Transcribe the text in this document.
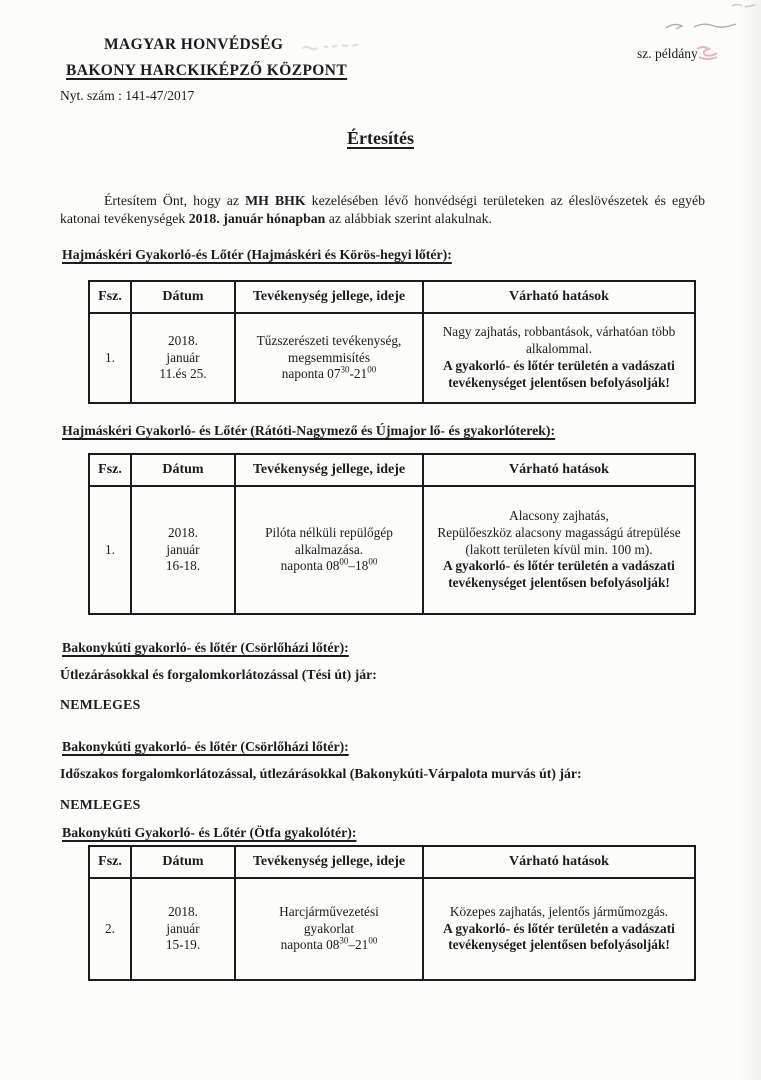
MAGYAR HONVÉDSÉG
BAKONY HARCKIKÉPZŐ KÖZPONT
Nyt. szám : 141-47/2017
sz. példány
Értesítés

Értesítem Önt, hogy az MH BHK kezelésében lévő honvédségi területeken az éleslövészetek és egyéb katonai tevékenységek 2018. január hónapban az alábbiak szerint alakulnak.

Hajmáskéri Gyakorló-és Lőtér (Hajmáskéri és Körös-hegyi lőtér):
Fsz.	Dátum	Tevékenység jellege, ideje	Várható hatások
1.	2018.
január
11.és 25.	Tűzszerészeti tevékenység,
megsemmisítés
naponta $07^{30}-21^{00}$	Nagy zajhatás, robbantások, várhatóan több alkalommal.
A gyakorló- és lőtér területén a vadászati tevékenységet jelentősen befolyásolják!
Hajmáskéri Gyakorló- és Lőtér (Rátóti-Nagymező és Újmajor lő- és gyakorlóterek):
Fsz.	Dátum	Tevékenység jellege, ideje	Várható hatások
1.	2018.
január
16-18.	Pilóta nélküli repülőgép
alkalmazása.
naponta $08^{00}-18^{00}$	Alacsony zajhatás,
Repülőeszköz alacsony magasságú átrepülése (lakott területen kívül min. 100 m).
A gyakorló- és lőtér területén a vadászati tevékenységet jelentősen befolyásolják!
Bakonykúti gyakorló- és lőtér (Csörlőházi lőtér):
Útlezárásokkal és forgalomkorlátozással (Tési út) jár:
NEMLEGES
Bakonykúti gyakorló- és lőtér (Csörlőházi lőtér):
Időszakos forgalomkorlátozással, útlezárásokkal (Bakonykúti-Várpalota murvás út) jár:
NEMLEGES
Bakonykúti Gyakorló- és Lőtér (Ötfa gyakolótér):
Fsz.	Dátum	Tevékenység jellege, ideje	Várható hatások
2.	2018.
január
15-19.	Harcjárművezetési
gyakorlat
naponta $08^{30}-21^{00}$	Közepes zajhatás, jelentős járműmozgás.
A gyakorló- és lőtér területén a vadászati tevékenységet jelentősen befolyásolják!
